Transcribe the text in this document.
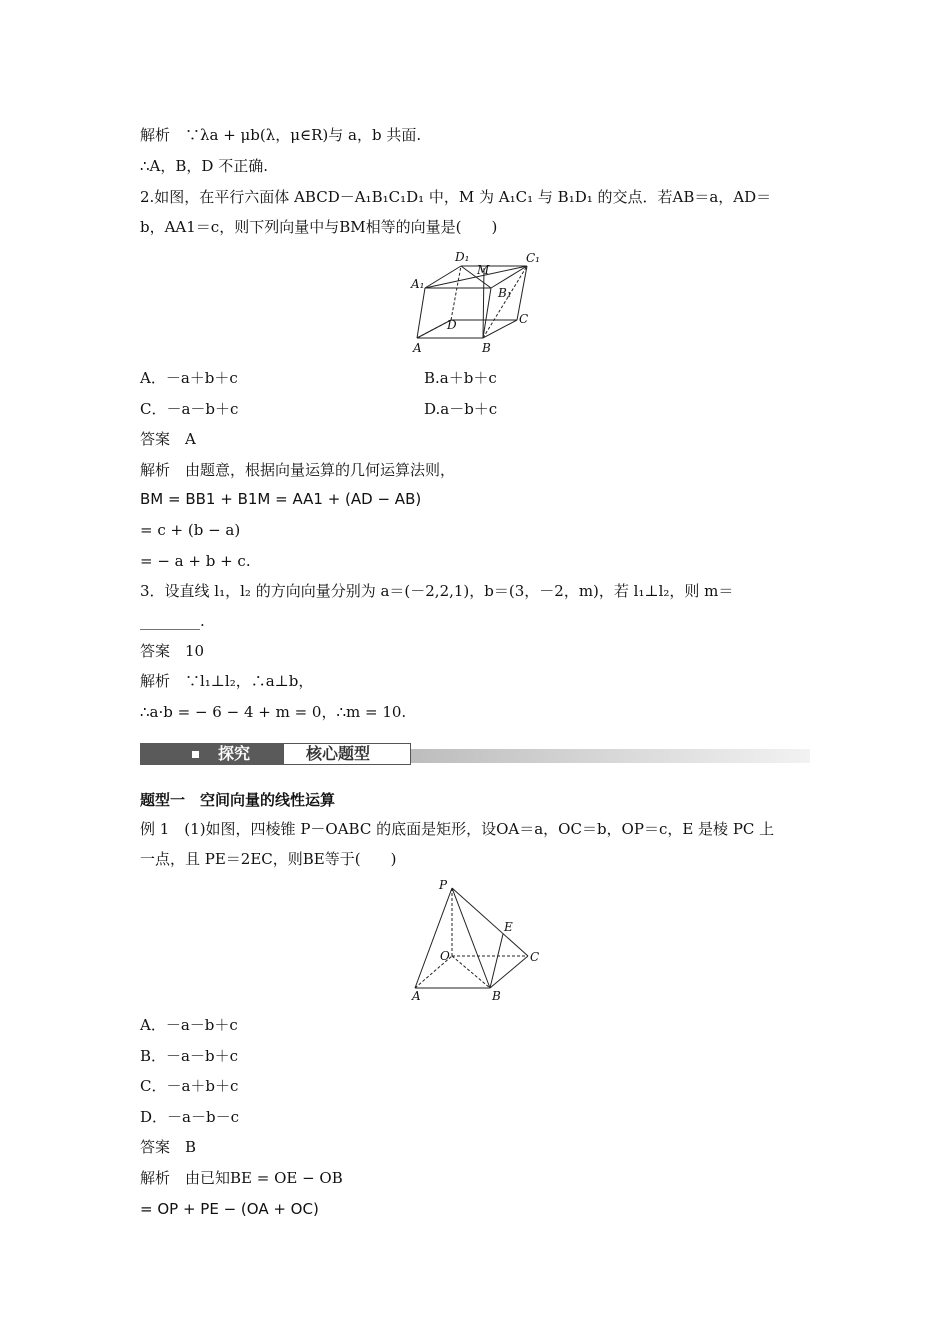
解析　∵λa + μb(λ，μ∈R)与 a，b 共面.
∴A，B，D 不正确.
2.如图，在平行六面体 ABCD－A₁B₁C₁D₁ 中，M 为 A₁C₁ 与 B₁D₁ 的交点．若AB＝a，AD＝
b，AA1＝c，则下列向量中与BM相等的向量是(　　)
D₁
M
C₁
A₁
B₁
D	C
A	B
A．－a＋b＋c	B.a＋b＋c
C．－a－b＋c	D.a－b＋c
答案　A
解析　由题意，根据向量运算的几何运算法则，
BM = BB1 + B1M = AA1 + (AD − AB)
= c + (b − a)
= − a + b + c.
3．设直线 l₁，l₂ 的方向向量分别为 a＝(－2,2,1)，b＝(3，－2，m)，若 l₁⊥l₂，则 m＝
________.
答案　10
解析　∵l₁⊥l₂，∴a⊥b，
∴a·b = − 6 − 4 + m = 0，∴m = 10.
探究	核心题型
题型一　空间向量的线性运算
例 1　(1)如图，四棱锥 P－OABC 的底面是矩形，设OA＝a，OC＝b，OP＝c，E 是棱 PC 上
一点，且 PE＝2EC，则BE等于(　　)
P
E
O	C
A	B
A．－a－b＋c
B．－a－b＋c
C．－a＋b＋c
D．－a－b－c
答案　B
解析　由已知BE = OE − OB
= OP + PE − (OA + OC)
